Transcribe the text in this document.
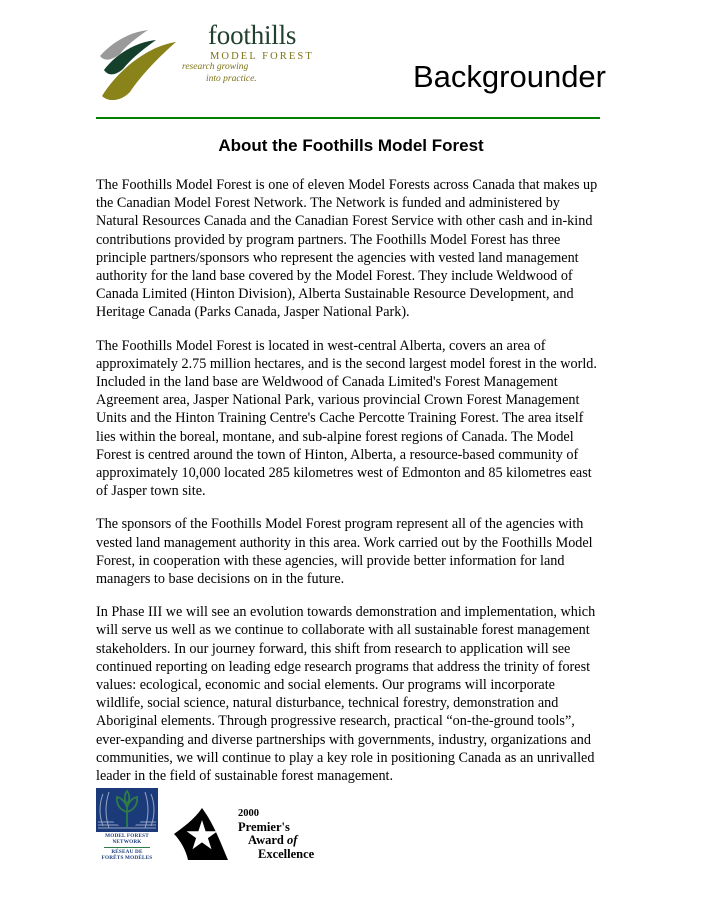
foothills
MODEL FOREST
research growing
into practice.	Backgrounder
About the Foothills Model Forest

The Foothills Model Forest is one of eleven Model Forests across Canada that makes up the Canadian Model Forest Network. The Network is funded and administered by Natural Resources Canada and the Canadian Forest Service with other cash and in-kind contributions provided by program partners. The Foothills Model Forest has three principle partners/sponsors who represent the agencies with vested land management authority for the land base covered by the Model Forest. They include Weldwood of Canada Limited (Hinton Division), Alberta Sustainable Resource Development, and Heritage Canada (Parks Canada, Jasper National Park).

The Foothills Model Forest is located in west-central Alberta, covers an area of approximately 2.75 million hectares, and is the second largest model forest in the world. Included in the land base are Weldwood of Canada Limited's Forest Management Agreement area, Jasper National Park, various provincial Crown Forest Management Units and the Hinton Training Centre's Cache Percotte Training Forest. The area itself lies within the boreal, montane, and sub-alpine forest regions of Canada. The Model Forest is centred around the town of Hinton, Alberta, a resource-based community of approximately 10,000 located 285 kilometres west of Edmonton and 85 kilometres east of Jasper town site.

The sponsors of the Foothills Model Forest program represent all of the agencies with vested land management authority in this area. Work carried out by the Foothills Model Forest, in cooperation with these agencies, will provide better information for land managers to base decisions on in the future.

In Phase III we will see an evolution towards demonstration and implementation, which will serve us well as we continue to collaborate with all sustainable forest management stakeholders. In our journey forward, this shift from research to application will see continued reporting on leading edge research programs that address the trinity of forest values: ecological, economic and social elements. Our programs will incorporate wildlife, social science, natural disturbance, technical forestry, demonstration and Aboriginal elements. Through progressive research, practical “on-the-ground tools”, ever-expanding and diverse partnerships with governments, industry, organizations and communities, we will continue to play a key role in positioning Canada as an unrivalled leader in the field of sustainable forest management.

MODEL FOREST
NETWORK
RÉSEAU DE
FORÊTS MODÈLES
2000
Premier's
Award of
Excellence
